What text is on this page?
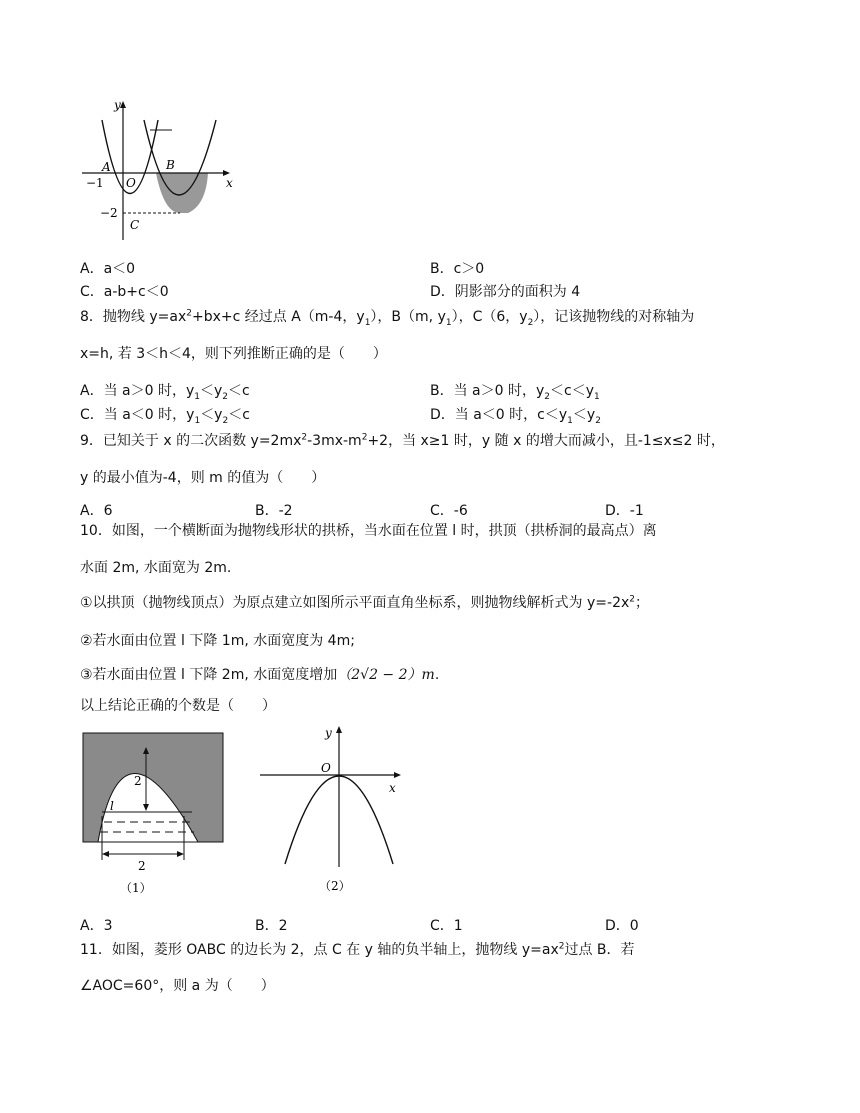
y
x
O
A	B
C
−1
−2
A．a＜0	B．c＞0
C．a-b+c＜0	D．阴影部分的面积为 4
8．抛物线 $y=ax^2+bx+c$ 经过点 A（m-4，$y_1$），B（m, $y_1$），C（6，$y_2$），记该抛物线的对称轴为
x=h, 若 3＜h＜4，则下列推断正确的是（　　）
A．当 a＞0 时，$y_1<y_2<c$	B．当 a＞0 时，$y_2<c<y_1$
C．当 a＜0 时，$y_1<y_2<c$	D．当 a＜0 时，$c<y_1<y_2$
9．已知关于 x 的二次函数 $y=2mx^2-3mx-m^2+2$，当 x≥1 时，y 随 x 的增大而减小，且-1≤x≤2 时，
y 的最小值为-4，则 m 的值为（　　）
A．6	B．-2	C．-6	D．-1
10．如图，一个横断面为抛物线形状的拱桥，当水面在位置 l 时，拱顶（拱桥洞的最高点）离
水面 2m, 水面宽为 2m.
①以拱顶（抛物线顶点）为原点建立如图所示平面直角坐标系，则抛物线解析式为 $y=-2x^2$；
②若水面由位置 l 下降 1m, 水面宽度为 4m;
③若水面由位置 l 下降 2m, 水面宽度增加（2√2 − 2）m.
以上结论正确的个数是（　　）
2
l
2
（1）
y
x
O
（2）
A．3	B．2	C．1	D．0
11．如图，菱形 OABC 的边长为 2，点 C 在 y 轴的负半轴上，抛物线 $y=ax^2$过点 B．若
∠AOC=60°，则 a 为（　　）
